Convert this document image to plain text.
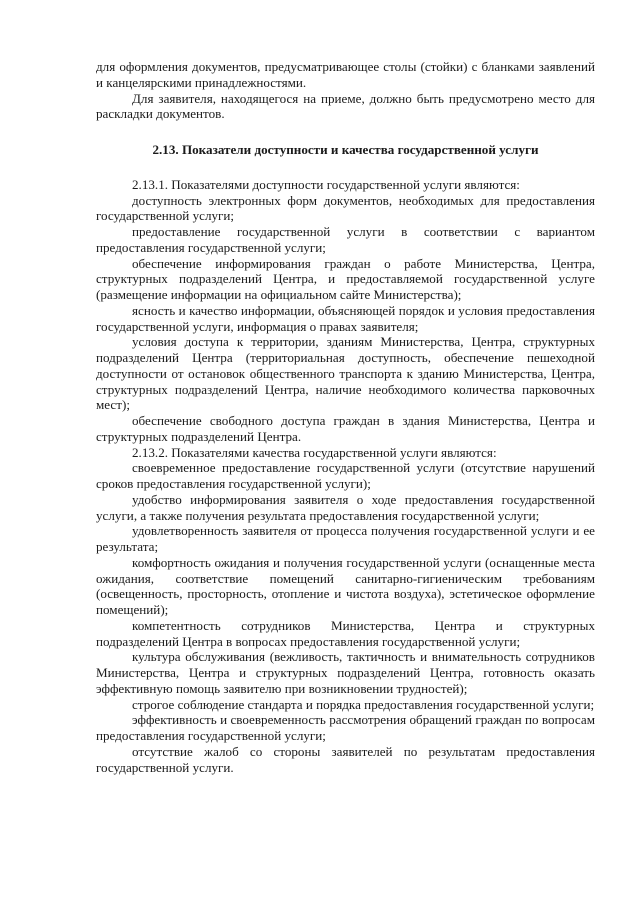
для оформления документов, предусматривающее столы (стойки) с бланками заявлений и канцелярскими принадлежностями.

Для заявителя, находящегося на приеме, должно быть предусмотрено место для раскладки документов.

2.13. Показатели доступности и качества государственной услуги

2.13.1. Показателями доступности государственной услуги являются:

доступность электронных форм документов, необходимых для предоставления государственной услуги;

предоставление государственной услуги в соответствии с вариантом предоставления государственной услуги;

обеспечение информирования граждан о работе Министерства, Центра, структурных подразделений Центра, и предоставляемой государственной услуге (размещение информации на официальном сайте Министерства);

ясность и качество информации, объясняющей порядок и условия предоставления государственной услуги, информация о правах заявителя;

условия доступа к территории, зданиям Министерства, Центра, структурных подразделений Центра (территориальная доступность, обеспечение пешеходной доступности от остановок общественного транспорта к зданию Министерства, Центра, структурных подразделений Центра, наличие необходимого количества парковочных мест);

обеспечение свободного доступа граждан в здания Министерства, Центра и структурных подразделений Центра.

2.13.2. Показателями качества государственной услуги являются:

своевременное предоставление государственной услуги (отсутствие нарушений сроков предоставления государственной услуги);

удобство информирования заявителя о ходе предоставления государственной услуги, а также получения результата предоставления государственной услуги;

удовлетворенность заявителя от процесса получения государственной услуги и ее результата;

комфортность ожидания и получения государственной услуги (оснащенные места ожидания, соответствие помещений санитарно-гигиеническим требованиям (освещенность, просторность, отопление и чистота воздуха), эстетическое оформление помещений);

компетентность сотрудников Министерства, Центра и структурных подразделений Центра в вопросах предоставления государственной услуги;

культура обслуживания (вежливость, тактичность и внимательность сотрудников Министерства, Центра и структурных подразделений Центра, готовность оказать эффективную помощь заявителю при возникновении трудностей);

строгое соблюдение стандарта и порядка предоставления государственной услуги;

эффективность и своевременность рассмотрения обращений граждан по вопросам предоставления государственной услуги;

отсутствие жалоб со стороны заявителей по результатам предоставления государственной услуги.
